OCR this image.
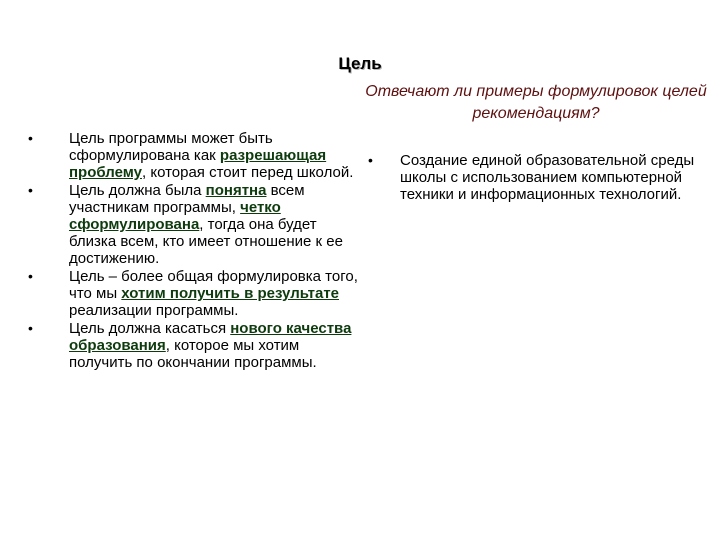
Цель
Отвечают ли примеры формулировок целей рекомендациям?
• Цель программы может быть сформулирована как разрешающая проблему, которая стоит перед школой.
• Цель должна была понятна всем участникам программы, четко сформулирована, тогда она будет близка всем, кто имеет отношение к ее достижению.
• Цель – более общая формулировка того, что мы хотим получить в результате реализации программы.
• Цель должна касаться нового качества образования, которое мы хотим получить по окончании программы.
• Создание единой образовательной среды школы с использованием компьютерной техники и информационных технологий.
